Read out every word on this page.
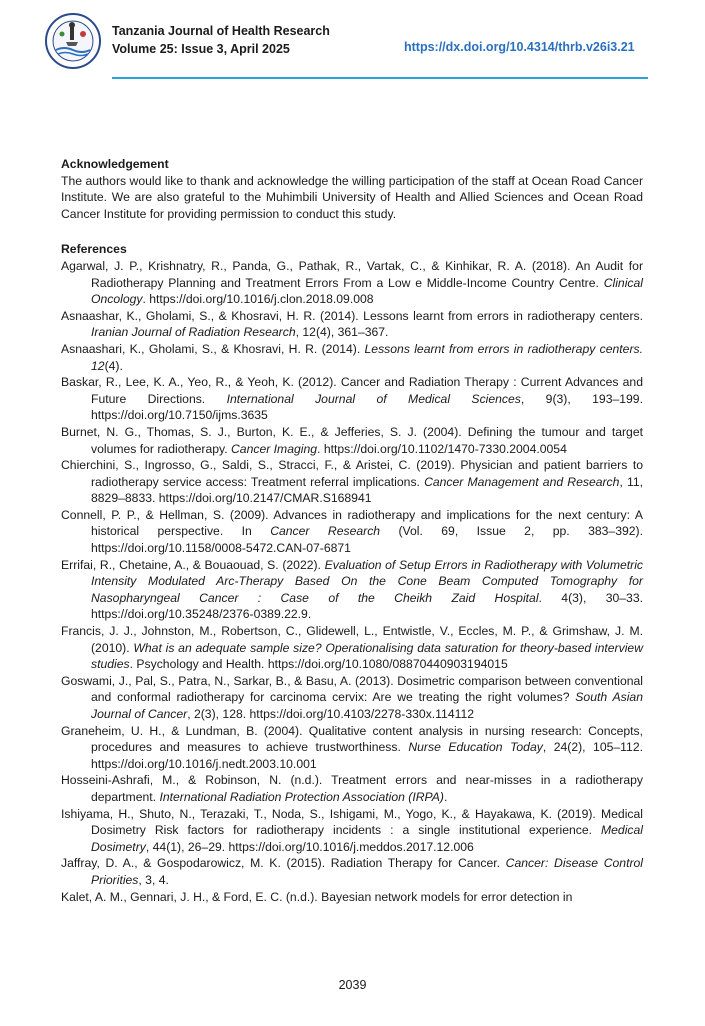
Tanzania Journal of Health Research
Volume 25: Issue 3, April 2025	https://dx.doi.org/10.4314/thrb.v26i3.21

Acknowledgement

The authors would like to thank and acknowledge the willing participation of the staff at Ocean Road Cancer Institute. We are also grateful to the Muhimbili University of Health and Allied Sciences and Ocean Road Cancer Institute for providing permission to conduct this study.

References

Agarwal, J. P., Krishnatry, R., Panda, G., Pathak, R., Vartak, C., & Kinhikar, R. A. (2018). An Audit for Radiotherapy Planning and Treatment Errors From a Low e Middle-Income Country Centre. Clinical Oncology. https://doi.org/10.1016/j.clon.2018.09.008

Asnaashar, K., Gholami, S., & Khosravi, H. R. (2014). Lessons learnt from errors in radiotherapy centers. Iranian Journal of Radiation Research, 12(4), 361–367.

Asnaashari, K., Gholami, S., & Khosravi, H. R. (2014). Lessons learnt from errors in radiotherapy centers. 12(4).

Baskar, R., Lee, K. A., Yeo, R., & Yeoh, K. (2012). Cancer and Radiation Therapy : Current Advances and Future Directions. International Journal of Medical Sciences, 9(3), 193–199. https://doi.org/10.7150/ijms.3635

Burnet, N. G., Thomas, S. J., Burton, K. E., & Jefferies, S. J. (2004). Defining the tumour and target volumes for radiotherapy. Cancer Imaging. https://doi.org/10.1102/1470-7330.2004.0054

Chierchini, S., Ingrosso, G., Saldi, S., Stracci, F., & Aristei, C. (2019). Physician and patient barriers to radiotherapy service access: Treatment referral implications. Cancer Management and Research, 11, 8829–8833. https://doi.org/10.2147/CMAR.S168941

Connell, P. P., & Hellman, S. (2009). Advances in radiotherapy and implications for the next century: A historical perspective. In Cancer Research (Vol. 69, Issue 2, pp. 383–392). https://doi.org/10.1158/0008-5472.CAN-07-6871

Errifai, R., Chetaine, A., & Bouaouad, S. (2022). Evaluation of Setup Errors in Radiotherapy with Volumetric Intensity Modulated Arc-Therapy Based On the Cone Beam Computed Tomography for Nasopharyngeal Cancer : Case of the Cheikh Zaid Hospital. 4(3), 30–33. https://doi.org/10.35248/2376-0389.22.9.

Francis, J. J., Johnston, M., Robertson, C., Glidewell, L., Entwistle, V., Eccles, M. P., & Grimshaw, J. M. (2010). What is an adequate sample size? Operationalising data saturation for theory-based interview studies. Psychology and Health. https://doi.org/10.1080/08870440903194015

Goswami, J., Pal, S., Patra, N., Sarkar, B., & Basu, A. (2013). Dosimetric comparison between conventional and conformal radiotherapy for carcinoma cervix: Are we treating the right volumes? South Asian Journal of Cancer, 2(3), 128. https://doi.org/10.4103/2278-330x.114112

Graneheim, U. H., & Lundman, B. (2004). Qualitative content analysis in nursing research: Concepts, procedures and measures to achieve trustworthiness. Nurse Education Today, 24(2), 105–112. https://doi.org/10.1016/j.nedt.2003.10.001

Hosseini-Ashrafi, M., & Robinson, N. (n.d.). Treatment errors and near-misses in a radiotherapy department. International Radiation Protection Association (IRPA).

Ishiyama, H., Shuto, N., Terazaki, T., Noda, S., Ishigami, M., Yogo, K., & Hayakawa, K. (2019). Medical Dosimetry Risk factors for radiotherapy incidents : a single institutional experience. Medical Dosimetry, 44(1), 26–29. https://doi.org/10.1016/j.meddos.2017.12.006

Jaffray, D. A., & Gospodarowicz, M. K. (2015). Radiation Therapy for Cancer. Cancer: Disease Control Priorities, 3, 4.

Kalet, A. M., Gennari, J. H., & Ford, E. C. (n.d.). Bayesian network models for error detection in

2039
